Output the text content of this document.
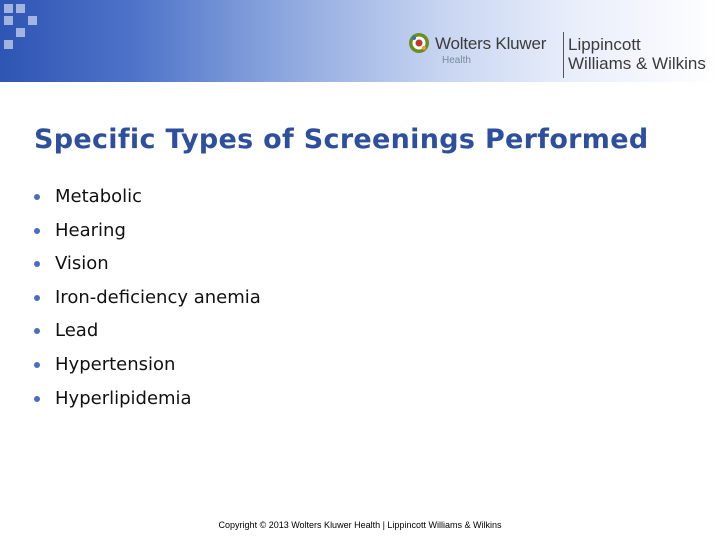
Wolters Kluwer
Health
Lippincott
Williams & Wilkins
Specific Types of Screenings Performed
Metabolic
Hearing
Vision
Iron-deficiency anemia
Lead
Hypertension
Hyperlipidemia
Copyright © 2013 Wolters Kluwer Health | Lippincott Williams & Wilkins
